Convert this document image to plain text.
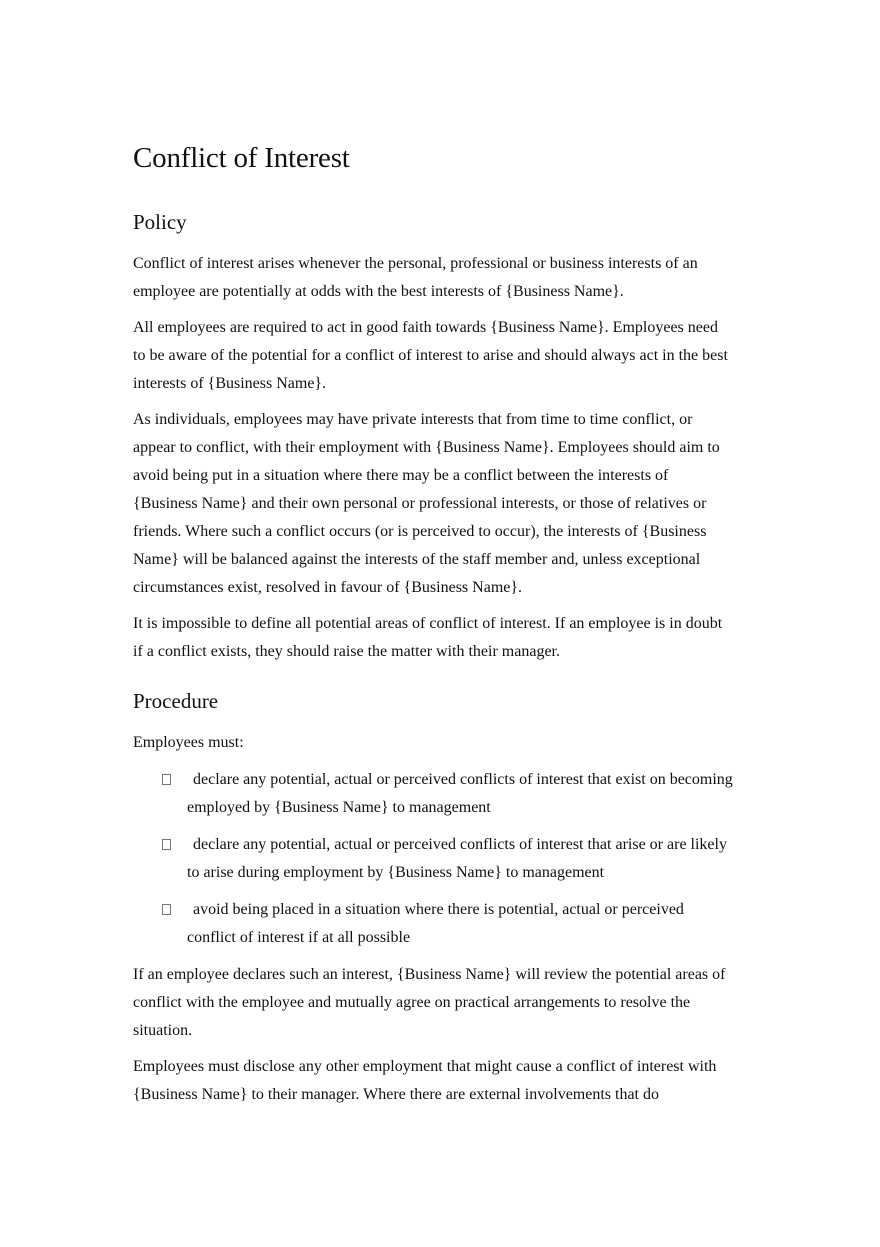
Conflict of Interest
Policy

Conflict of interest arises whenever the personal, professional or business interests of an employee are potentially at odds with the best interests of {Business Name}.

All employees are required to act in good faith towards {Business Name}. Employees need to be aware of the potential for a conflict of interest to arise and should always act in the best interests of {Business Name}.

As individuals, employees may have private interests that from time to time conflict, or appear to conflict, with their employment with {Business Name}. Employees should aim to avoid being put in a situation where there may be a conflict between the interests of {Business Name} and their own personal or professional interests, or those of relatives or friends. Where such a conflict occurs (or is perceived to occur), the interests of {Business Name} will be balanced against the interests of the staff member and, unless exceptional circumstances exist, resolved in favour of {Business Name}.

It is impossible to define all potential areas of conflict of interest. If an employee is in doubt if a conflict exists, they should raise the matter with their manager.

Procedure

Employees must:

declare any potential, actual or perceived conflicts of interest that exist on becoming employed by {Business Name} to management
declare any potential, actual or perceived conflicts of interest that arise or are likely to arise during employment by {Business Name} to management
avoid being placed in a situation where there is potential, actual or perceived conflict of interest if at all possible

If an employee declares such an interest, {Business Name} will review the potential areas of conflict with the employee and mutually agree on practical arrangements to resolve the situation.

Employees must disclose any other employment that might cause a conflict of interest with {Business Name} to their manager. Where there are external involvements that do
